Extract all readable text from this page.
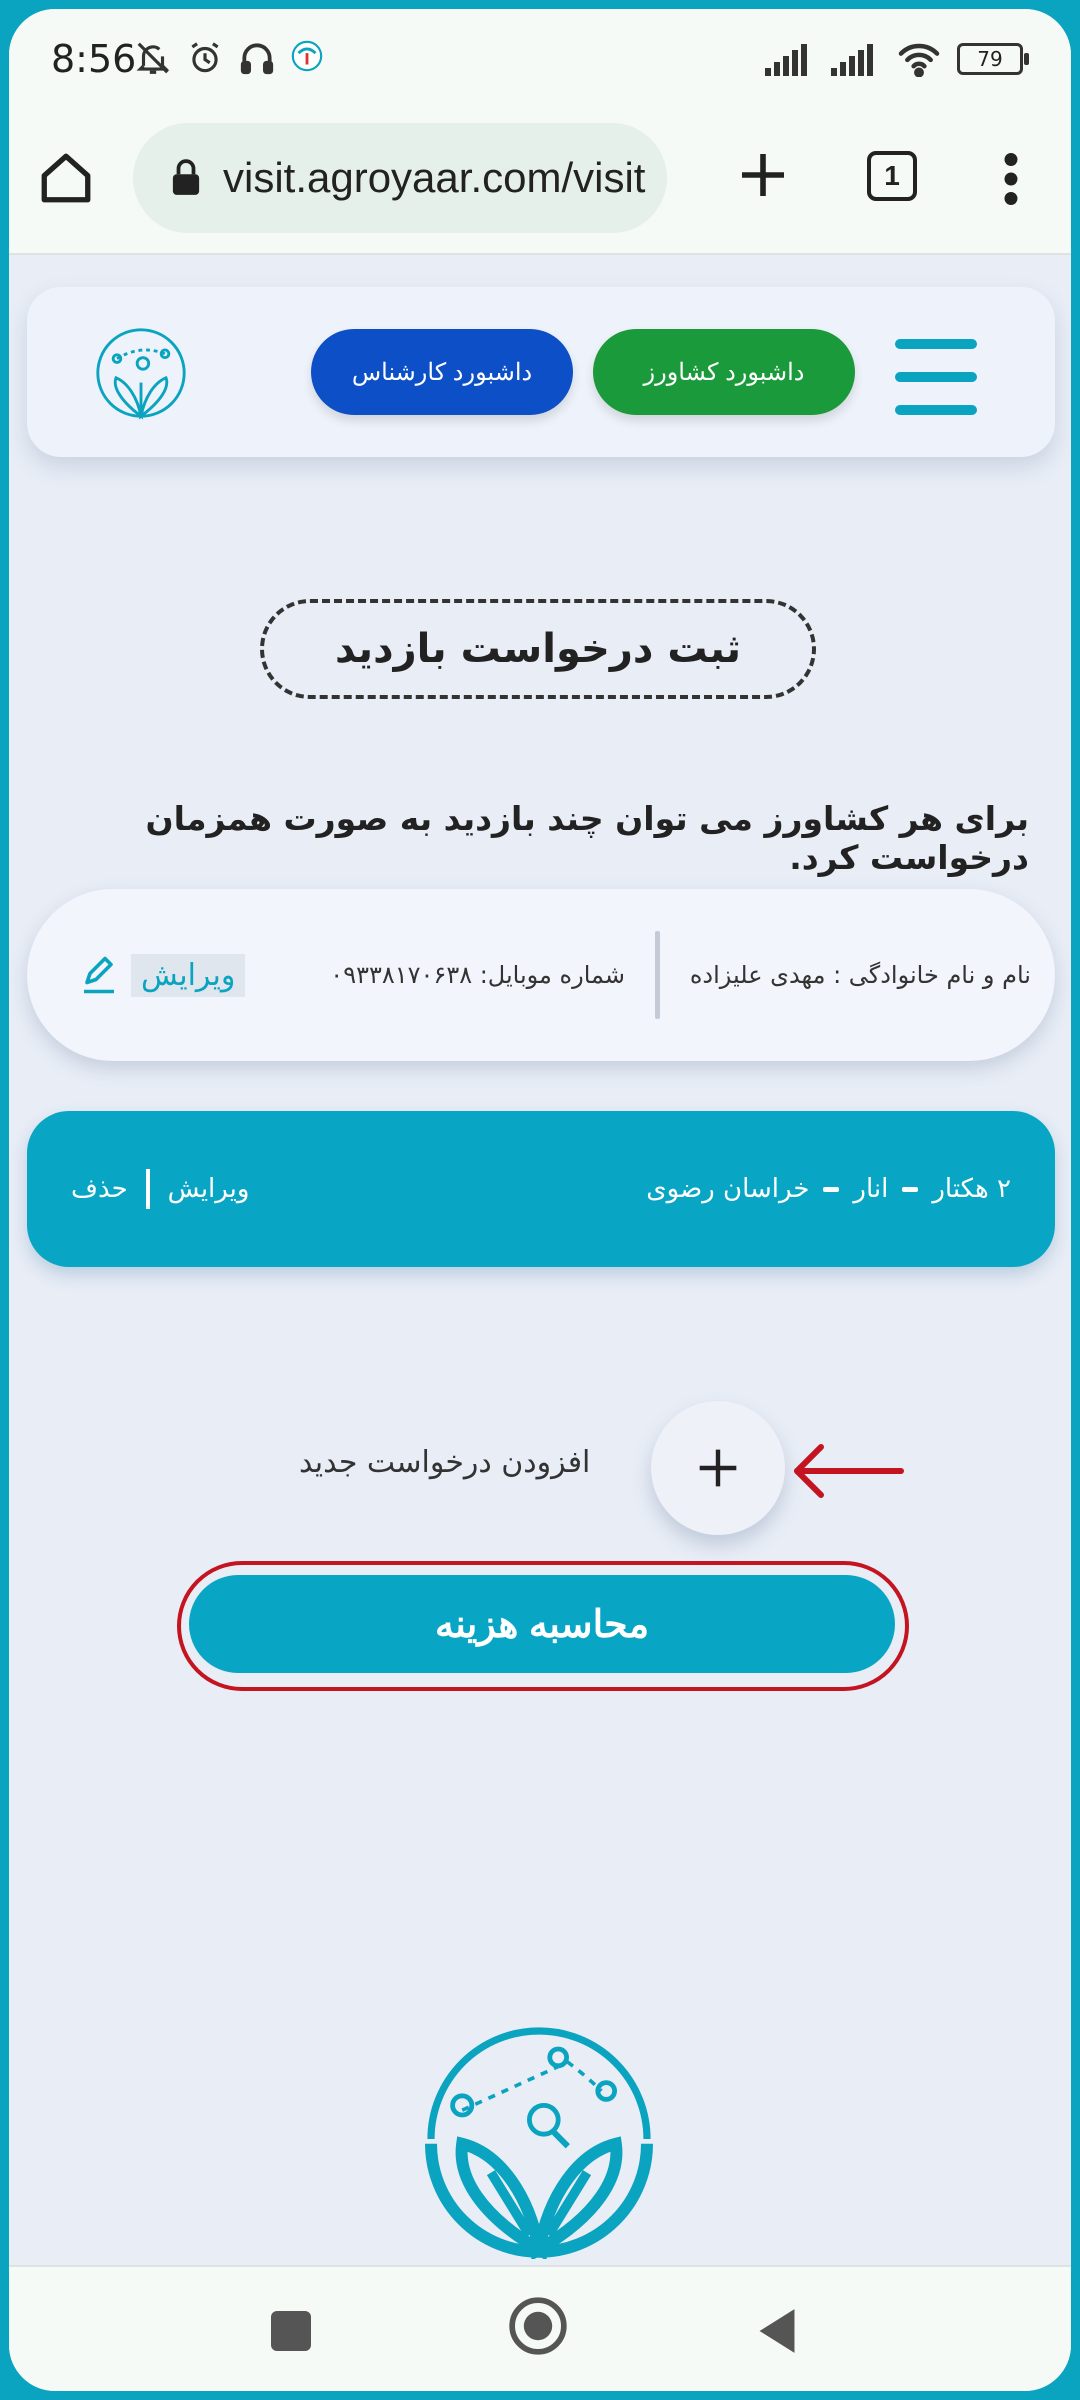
8:56	79
visit.agroyaar.com/visit	1
داشبورد کارشناس	داشبورد کشاورز
ثبت درخواست بازدید
برای هر کشاورز می توان چند بازدید به صورت همزمان درخواست کرد.
نام و نام خانوادگی : مهدی علیزاده
شماره موبایل: ۰۹۳۳۸۱۷۰۶۳۸
ویرایش
۲ هکتار
انار
خراسان رضوی
حذف ویرایش
افزودن درخواست جدید
محاسبه هزینه
